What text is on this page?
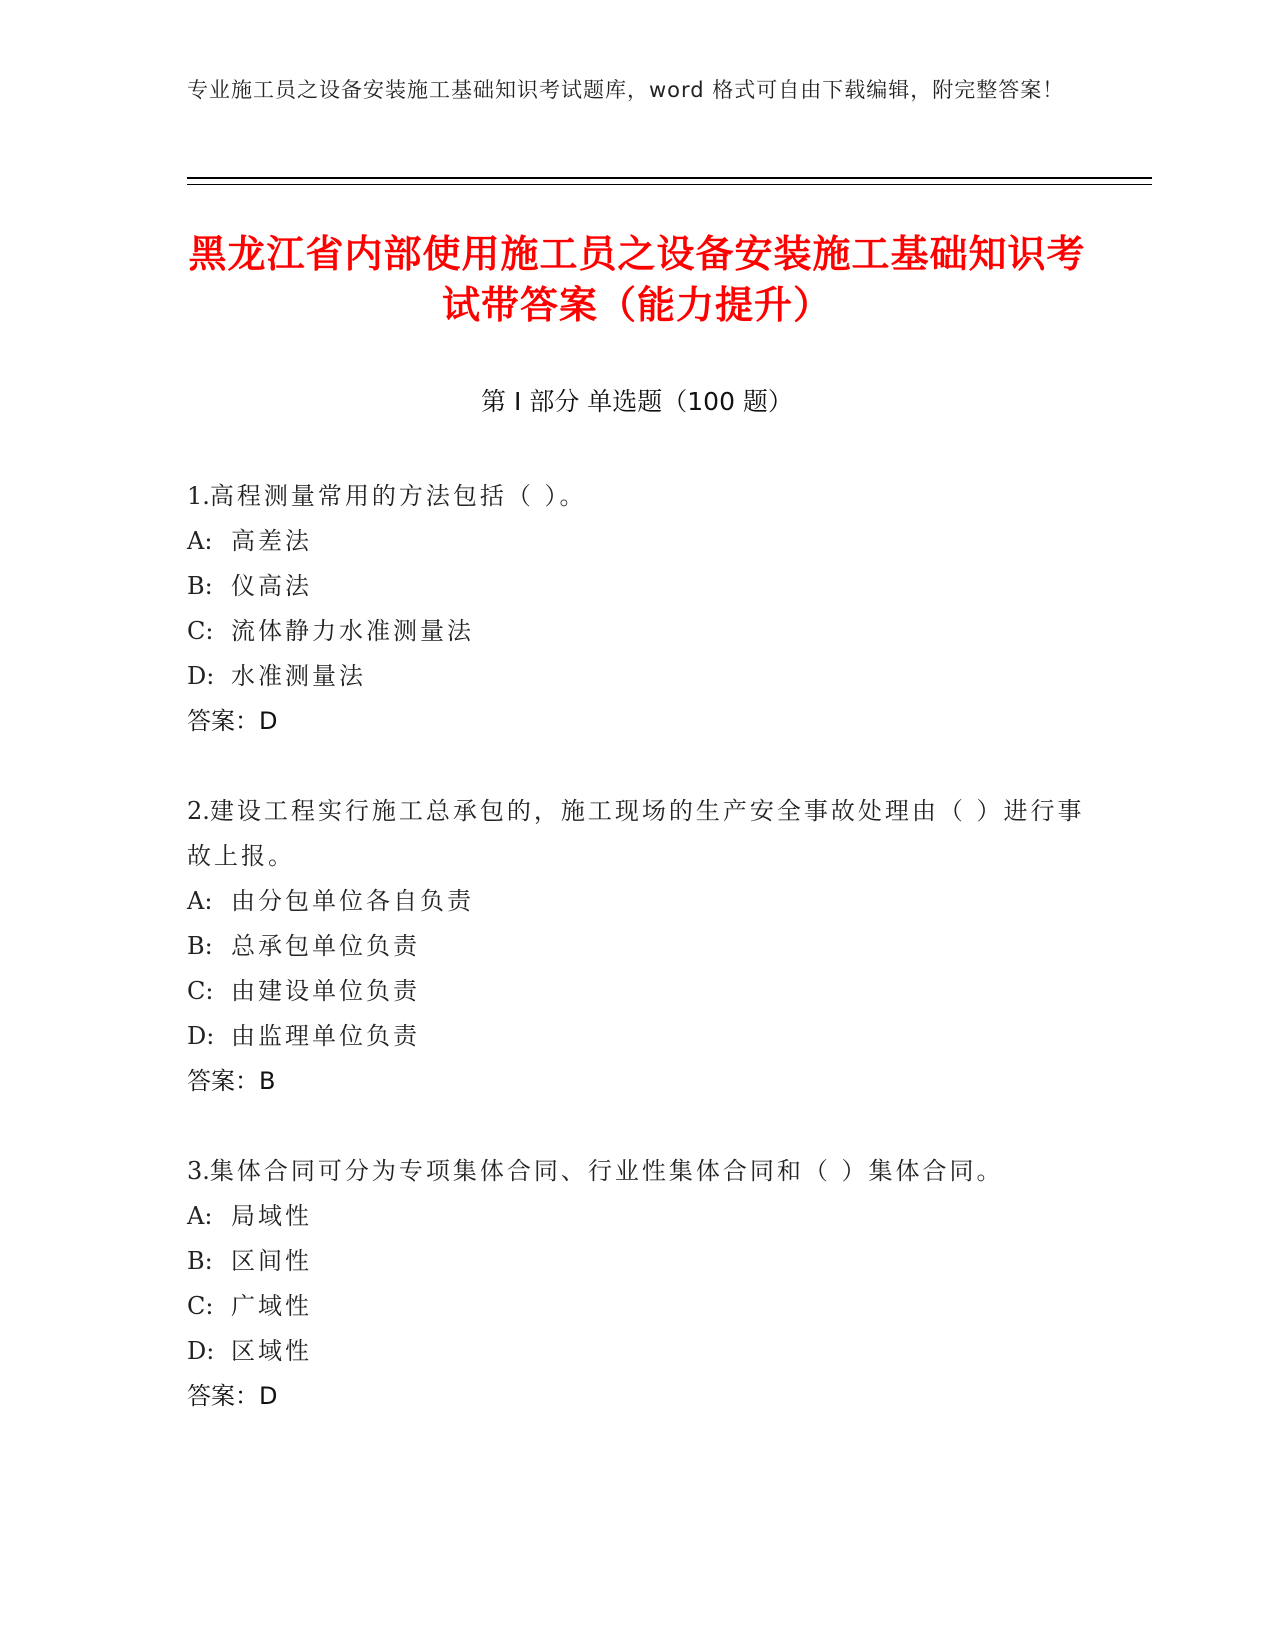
专业施工员之设备安装施工基础知识考试题库，word 格式可自由下载编辑，附完整答案！
黑龙江省内部使用施工员之设备安装施工基础知识考试带答案（能力提升）
第 I 部分 单选题（100 题）

1.高程测量常用的方法包括（ ）。

A: 高差法

B: 仪高法

C: 流体静力水准测量法

D: 水准测量法

答案：D

2.建设工程实行施工总承包的，施工现场的生产安全事故处理由（ ）进行事故上报。

A: 由分包单位各自负责

B: 总承包单位负责

C: 由建设单位负责

D: 由监理单位负责

答案：B

3.集体合同可分为专项集体合同、行业性集体合同和（ ）集体合同。

A: 局域性

B: 区间性

C: 广域性

D: 区域性

答案：D
